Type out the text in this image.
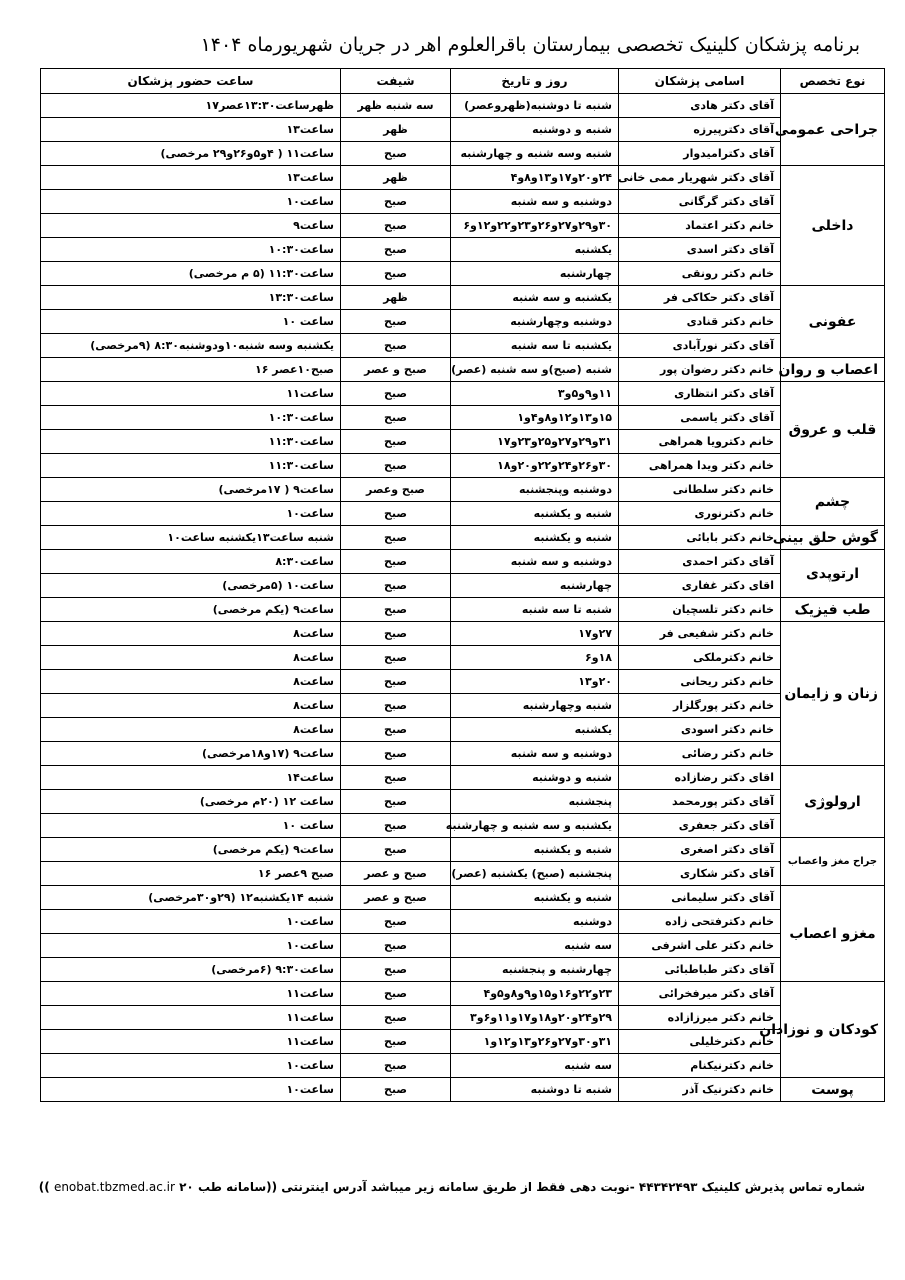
برنامه پزشکان کلینیک تخصصی بیمارستان باقرالعلوم اهر در جریان شهریورماه ۱۴۰۴
نوع تخصص	اسامی پزشکان	روز و تاریخ	شیفت	ساعت حضور پزشکان
جراحی عمومی	آقای دکتر هادی	شنبه تا دوشنبه(ظهروعصر)	سه شنبه ظهر	ظهرساعت۱۳:۳۰عصر۱۷
	آقای دکترپیرزه	شنبه و دوشنبه	ظهر	ساعت۱۳
	آقای دکترامیدوار	شنبه وسه شنبه و چهارشنبه	صبح	ساعت۱۱ ( ۴و۵و۲۶و۲۹ مرخصی)
داخلی	آقای دکتر شهریار ممی خانی	۲۴و۲۰و۱۷و۱۳و۸و۴	ظهر	ساعت۱۳
	آقای دکتر گرگانی	دوشنبه و سه شنبه	صبح	ساعت۱۰
	خانم دکتر اعتماد	۳۰و۲۹و۲۷و۲۶و۲۳و۲۲و۱۲و۶	صبح	ساعت۹
	آقای دکتر اسدی	یکشنبه	صبح	ساعت۱۰:۳۰
	خانم دکتر رونقی	چهارشنبه	صبح	ساعت۱۱:۳۰ (۵ م مرخصی)
عفونی	آقای دکتر حکاکی فر	یکشنبه و سه شنبه	ظهر	ساعت۱۳:۳۰
	خانم دکتر قنادی	دوشنبه وچهارشنبه	صبح	ساعت ۱۰
	آقای دکتر نورآبادی	یکشنبه تا سه شنبه	صبح	یکشنبه وسه شنبه۱۰ودوشنبه۸:۳۰ (۹مرخصی)
اعصاب و روان	خانم دکتر رضوان پور	شنبه (صبح)و سه شنبه (عصر)	صبح و عصر	صبح۱۰عصر ۱۶
قلب و عروق	آقای دکتر انتظاری	۱۱و۹و۵و۳	صبح	ساعت۱۱
	آقای دکتر یاسمی	۱۵و۱۳و۱۲و۸و۴و۱	صبح	ساعت۱۰:۳۰
	خانم دکترویا همراهی	۳۱و۲۹و۲۷و۲۵و۲۳و۱۷	صبح	ساعت۱۱:۳۰
	خانم دکتر ویدا همراهی	۳۰و۲۶و۲۴و۲۲و۲۰و۱۸	صبح	ساعت۱۱:۳۰
چشم	خانم دکتر سلطانی	دوشنبه وپنجشنبه	صبح وعصر	ساعت۹ ( ۱۷مرخصی)
	خانم دکترنوری	شنبه و یکشنبه	صبح	ساعت۱۰
گوش حلق بینی	خانم دکتر بابائی	شنبه و یکشنبه	صبح	شنبه ساعت۱۳یکشنبه ساعت۱۰
ارتوپدی	آقای دکتر احمدی	دوشنبه و سه شنبه	صبح	ساعت۸:۳۰
	اقای دکتر غفاری	چهارشنبه	صبح	ساعت۱۰ (۵مرخصی)
طب فیزیک	خانم دکتر تلسچیان	شنبه تا سه شنبه	صبح	ساعت۹ (یکم مرخصی)
زنان و زایمان	خانم دکتر شفیعی فر	۲۷و۱۷	صبح	ساعت۸
	خانم دکترملکی	۱۸و۶	صبح	ساعت۸
	خانم دکتر ریحانی	۲۰و۱۳	صبح	ساعت۸
	خانم دکتر پورگلزار	شنبه وچهارشنبه	صبح	ساعت۸
	خانم دکتر اسودی	یکشنبه	صبح	ساعت۸
	خانم دکتر رضائی	دوشنبه و سه شنبه	صبح	ساعت۹ (۱۷و۱۸مرخصی)
ارولوژی	اقای دکتر رضازاده	شنبه و دوشنبه	صبح	ساعت۱۴
	آقای دکتر پورمحمد	پنجشنبه	صبح	ساعت ۱۲ (۲۰م مرخصی)
	آقای دکتر جعفری	یکشنبه و سه شنبه و چهارشنبه	صبح	ساعت ۱۰
جراح مغز واعصاب	آقای دکتر اصغری	شنبه و یکشنبه	صبح	ساعت۹ (یکم مرخصی)
	آقای دکتر شکاری	پنجشنبه (صبح) یکشنبه (عصر)	صبح و عصر	صبح ۹عصر ۱۶
مغزو اعصاب	آقای دکتر سلیمانی	شنبه و یکشنبه	صبح و عصر	شنبه ۱۴یکشنبه۱۲ (۲۹و۳۰مرخصی)
	خانم دکترفتحی زاده	دوشنبه	صبح	ساعت۱۰
	خانم دکتر علی اشرفی	سه شنبه	صبح	ساعت۱۰
	آقای دکتر طباطبائی	چهارشنبه و پنجشنبه	صبح	ساعت۹:۳۰ (۶مرخصی)
کودکان و نوزادان	آقای دکتر میرفخرائی	۲۳و۲۲و۱۶و۱۵و۹و۸و۵و۴	صبح	ساعت۱۱
	خانم دکتر میرزازاده	۲۹و۲۴و۲۰و۱۸و۱۷و۱۱و۶و۳	صبح	ساعت۱۱
	خانم دکترخلیلی	۳۱و۳۰و۲۷و۲۶و۱۳و۱۲و۱	صبح	ساعت۱۱
	خانم دکترنیکنام	سه شنبه	صبح	ساعت۱۰
پوست	خانم دکترنیک آذر	شنبه تا دوشنبه	صبح	ساعت۱۰
شماره تماس پذیرش کلینیک ۴۴۳۴۲۴۹۳ -نوبت دهی فقط از طریق سامانه زیر میباشد آدرس اینترنتی ((سامانه طب ۲۰ enobat.tbzmed.ac.ir ))
